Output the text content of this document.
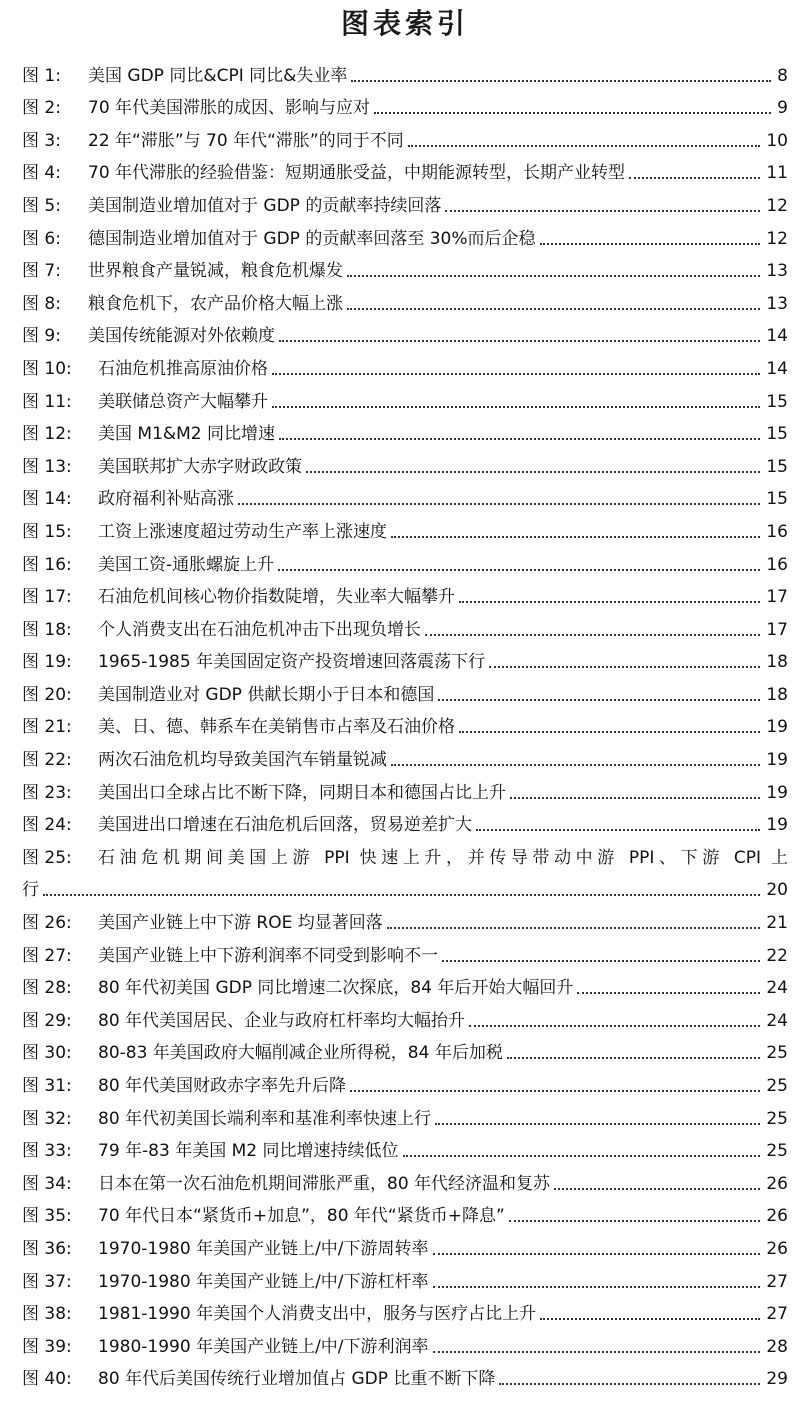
图表索引
图 1:	美国 GDP 同比&CPI 同比&失业率	8
图 2:	70 年代美国滞胀的成因、影响与应对	9
图 3:	22 年“滞胀”与 70 年代“滞胀”的同于不同	10
图 4:	70 年代滞胀的经验借鉴：短期通胀受益，中期能源转型，长期产业转型	11
图 5:	美国制造业增加值对于 GDP 的贡献率持续回落	12
图 6:	德国制造业增加值对于 GDP 的贡献率回落至 30%而后企稳	12
图 7:	世界粮食产量锐减，粮食危机爆发	13
图 8:	粮食危机下，农产品价格大幅上涨	13
图 9:	美国传统能源对外依赖度	14
图 10:	石油危机推高原油价格	14
图 11:	美联储总资产大幅攀升	15
图 12:	美国 M1&M2 同比增速	15
图 13:	美国联邦扩大赤字财政政策	15
图 14:	政府福利补贴高涨	15
图 15:	工资上涨速度超过劳动生产率上涨速度	16
图 16:	美国工资-通胀螺旋上升	16
图 17:	石油危机间核心物价指数陡增，失业率大幅攀升	17
图 18:	个人消费支出在石油危机冲击下出现负增长	17
图 19:	1965-1985 年美国固定资产投资增速回落震荡下行	18
图 20:	美国制造业对 GDP 供献长期小于日本和德国	18
图 21:	美、日、德、韩系车在美销售市占率及石油价格	19
图 22:	两次石油危机均导致美国汽车销量锐减	19
图 23:	美国出口全球占比不断下降，同期日本和德国占比上升	19
图 24:	美国进出口增速在石油危机后回落，贸易逆差扩大	19
图 25:	石油危机期间美国上游 PPI 快速上升，并传导带动中游 PPI、下游 CPI 上
行	20
图 26:	美国产业链上中下游 ROE 均显著回落	21
图 27:	美国产业链上中下游利润率不同受到影响不一	22
图 28:	80 年代初美国 GDP 同比增速二次探底，84 年后开始大幅回升	24
图 29:	80 年代美国居民、企业与政府杠杆率均大幅抬升	24
图 30:	80-83 年美国政府大幅削减企业所得税，84 年后加税	25
图 31:	80 年代美国财政赤字率先升后降	25
图 32:	80 年代初美国长端利率和基准利率快速上行	25
图 33:	79 年-83 年美国 M2 同比增速持续低位	25
图 34:	日本在第一次石油危机期间滞胀严重，80 年代经济温和复苏	26
图 35:	70 年代日本“紧货币+加息”，80 年代“紧货币+降息”	26
图 36:	1970-1980 年美国产业链上/中/下游周转率	26
图 37:	1970-1980 年美国产业链上/中/下游杠杆率	27
图 38:	1981-1990 年美国个人消费支出中，服务与医疗占比上升	27
图 39:	1980-1990 年美国产业链上/中/下游利润率	28
图 40:	80 年代后美国传统行业增加值占 GDP 比重不断下降	29
